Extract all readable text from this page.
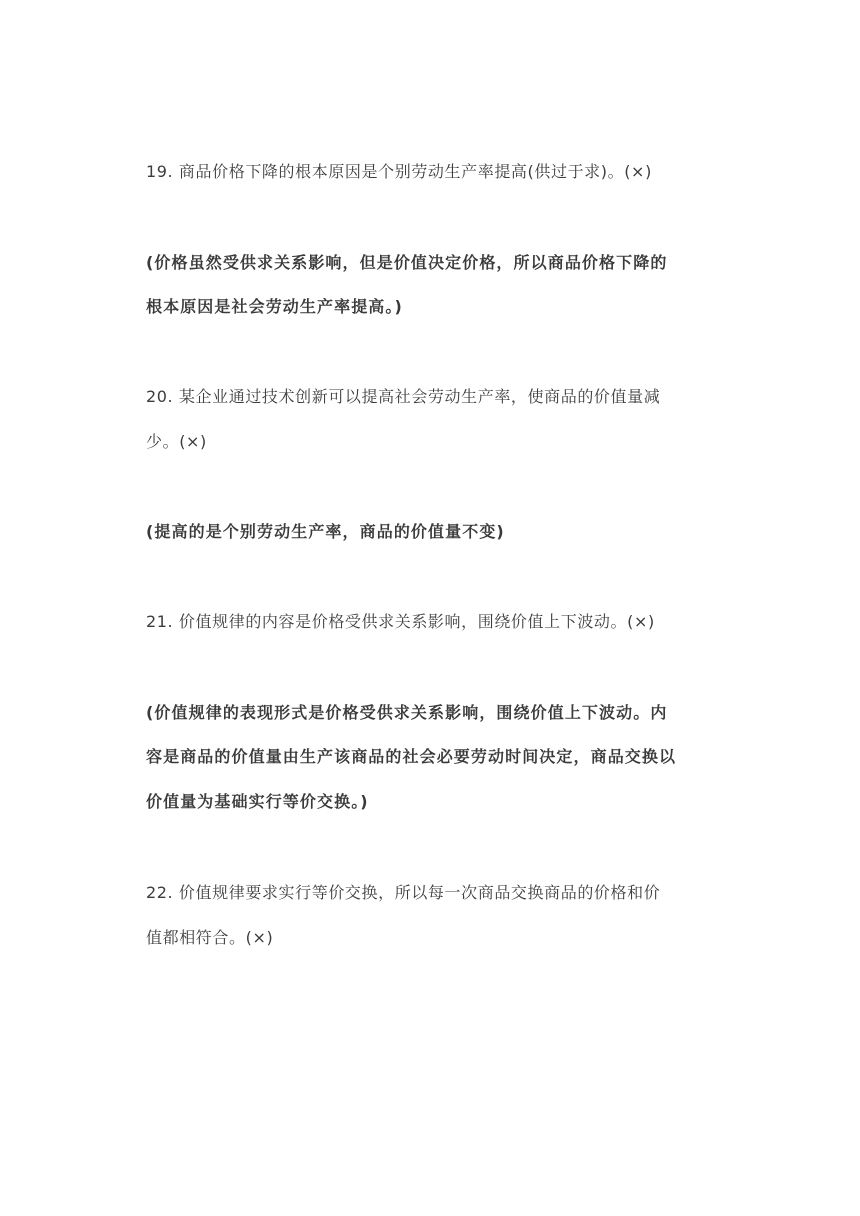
19. 商品价格下降的根本原因是个别劳动生产率提高(供过于求)。(×)
(价格虽然受供求关系影响，但是价值决定价格，所以商品价格下降的
根本原因是社会劳动生产率提高。)
20. 某企业通过技术创新可以提高社会劳动生产率，使商品的价值量减
少。(×)
(提高的是个别劳动生产率，商品的价值量不变)
21. 价值规律的内容是价格受供求关系影响，围绕价值上下波动。(×)
(价值规律的表现形式是价格受供求关系影响，围绕价值上下波动。内
容是商品的价值量由生产该商品的社会必要劳动时间决定，商品交换以
价值量为基础实行等价交换。)
22. 价值规律要求实行等价交换，所以每一次商品交换商品的价格和价
值都相符合。(×)
